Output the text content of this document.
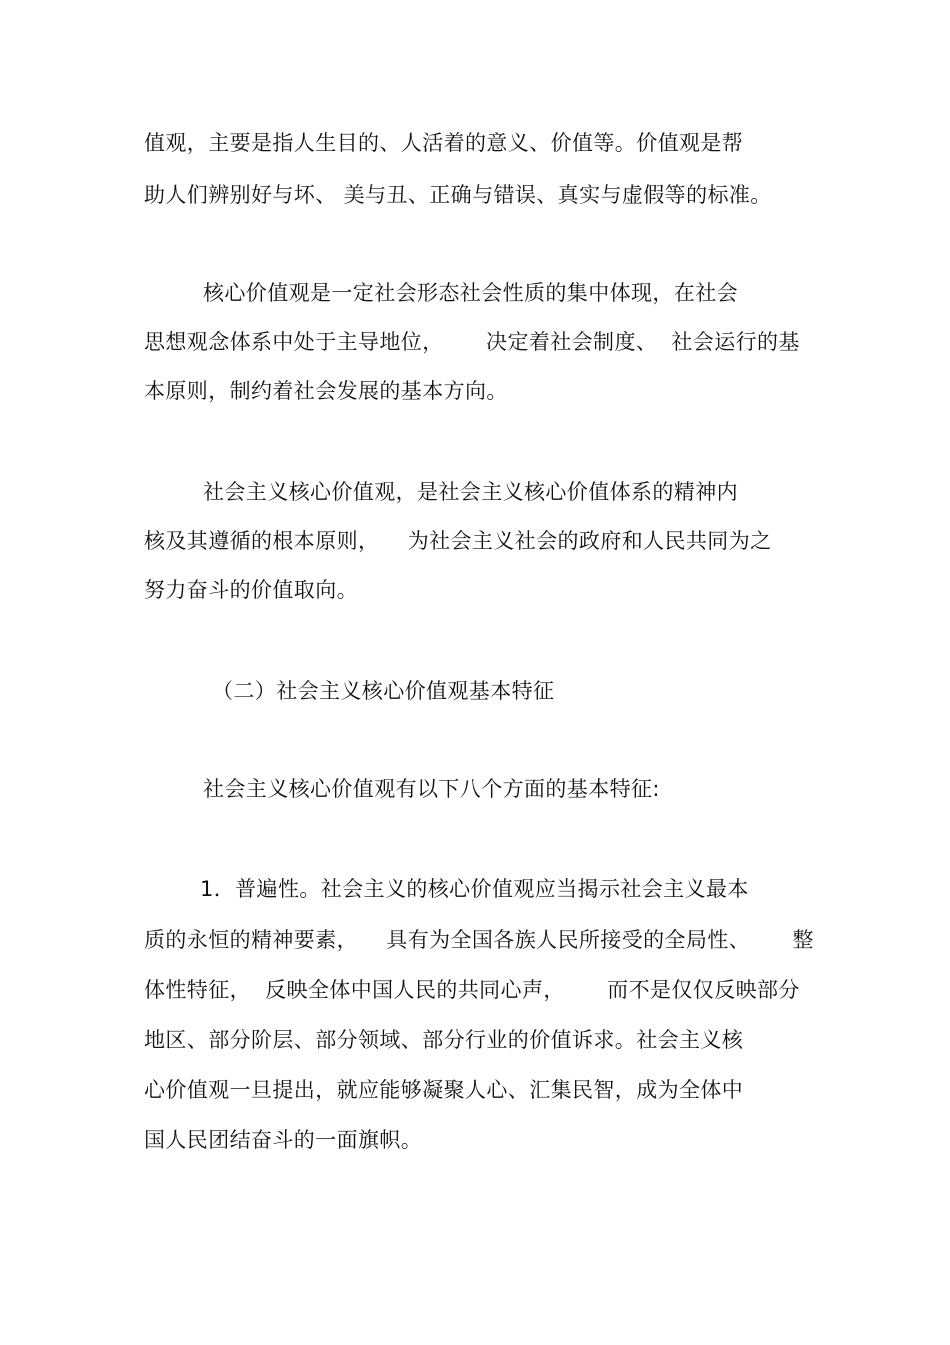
值观，主要是指人生目的、人活着的意义、价值等。价值观是帮
助人们辨别好与坏、 美与丑、正确与错误、真实与虚假等的标准。
核心价值观是一定社会形态社会性质的集中体现，在社会
思想观念体系中处于主导地位，      决定着社会制度、  社会运行的基
本原则，制约着社会发展的基本方向。
社会主义核心价值观，是社会主义核心价值体系的精神内
核及其遵循的根本原则，    为社会主义社会的政府和人民共同为之
努力奋斗的价值取向。
（二）社会主义核心价值观基本特征
社会主义核心价值观有以下八个方面的基本特征:
1．普遍性。社会主义的核心价值观应当揭示社会主义最本
质的永恒的精神要素，    具有为全国各族人民所接受的全局性、      整
体性特征，  反映全体中国人民的共同心声，      而不是仅仅反映部分
地区、部分阶层、部分领域、部分行业的价值诉求。社会主义核
心价值观一旦提出，就应能够凝聚人心、汇集民智，成为全体中
国人民团结奋斗的一面旗帜。
